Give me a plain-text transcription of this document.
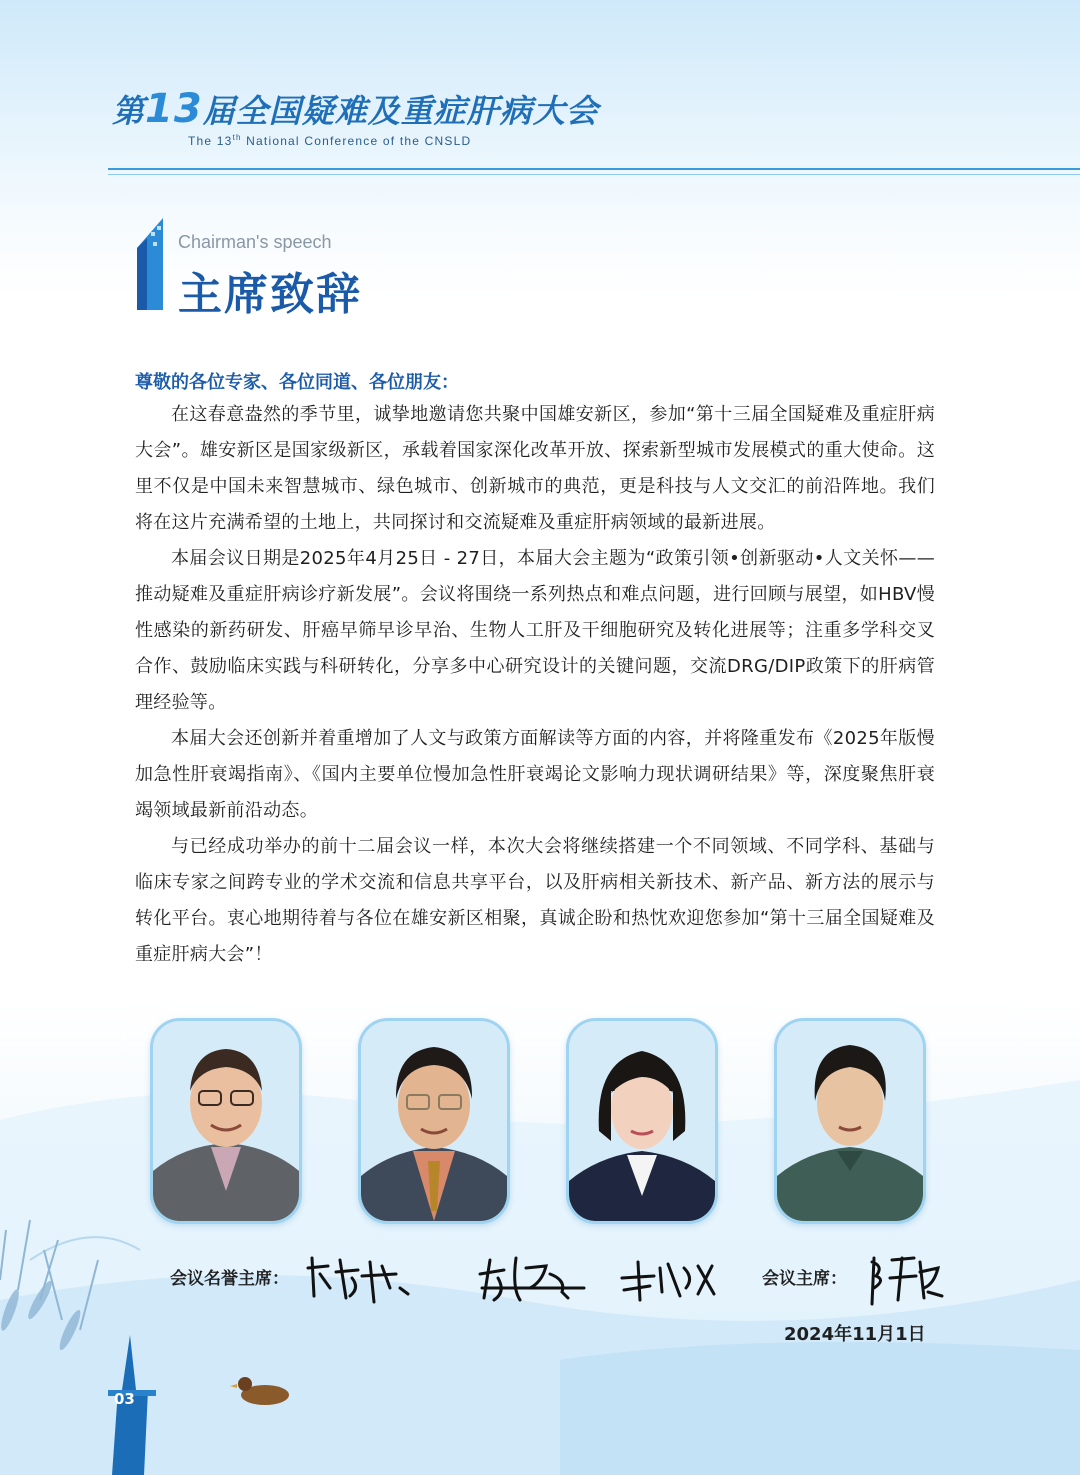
第13届全国疑难及重症肝病大会
The 13th National Conference of the CNSLD
Chairman's speech
主席致辞
尊敬的各位专家、各位同道、各位朋友：

在这春意盎然的季节里，诚挚地邀请您共聚中国雄安新区，参加“第十三届全国疑难及重症肝病大会”。雄安新区是国家级新区，承载着国家深化改革开放、探索新型城市发展模式的重大使命。这里不仅是中国未来智慧城市、绿色城市、创新城市的典范，更是科技与人文交汇的前沿阵地。我们将在这片充满希望的土地上，共同探讨和交流疑难及重症肝病领域的最新进展。

本届会议日期是2025年4月25日 - 27日，本届大会主题为“政策引领•创新驱动•人文关怀——推动疑难及重症肝病诊疗新发展”。会议将围绕一系列热点和难点问题，进行回顾与展望，如HBV慢性感染的新药研发、肝癌早筛早诊早治、生物人工肝及干细胞研究及转化进展等；注重多学科交叉合作、鼓励临床实践与科研转化，分享多中心研究设计的关键问题，交流DRG/DIP政策下的肝病管理经验等。

本届大会还创新并着重增加了人文与政策方面解读等方面的内容，并将隆重发布《2025年版慢加急性肝衰竭指南》、《国内主要单位慢加急性肝衰竭论文影响力现状调研结果》等，深度聚焦肝衰竭领域最新前沿动态。

与已经成功举办的前十二届会议一样，本次大会将继续搭建一个不同领域、不同学科、基础与临床专家之间跨专业的学术交流和信息共享平台，以及肝病相关新技术、新产品、新方法的展示与转化平台。衷心地期待着与各位在雄安新区相聚，真诚企盼和热忱欢迎您参加“第十三届全国疑难及重症肝病大会”！

会议名誉主席：	会议主席：
2024年11月1日
03
